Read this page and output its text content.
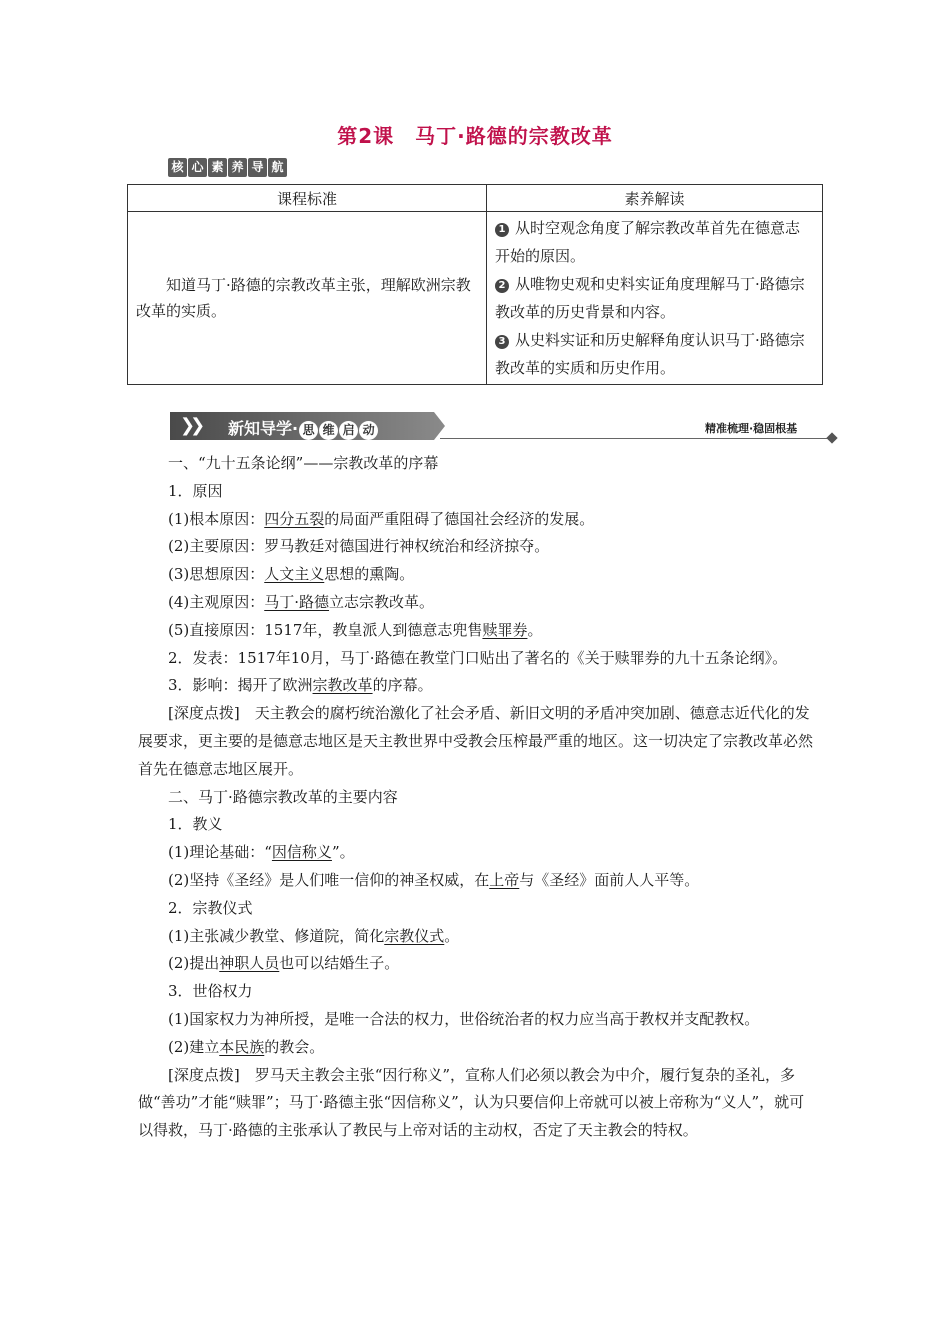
第2课　马丁·路德的宗教改革
核 心 素 养 导 航
课程标准	素养解读

知道马丁·路德的宗教改革主张，理解欧洲宗教改革的实质。	1 从时空观念角度了解宗教改革首先在德意志开始的原因。
2 从唯物史观和史料实证角度理解马丁·路德宗教改革的历史背景和内容。
3 从史料实证和历史解释角度认识马丁·路德宗教改革的实质和历史作用。
❯❯ 新知导学· 思 维 启 动	精准梳理·稳固根基

一、“九十五条论纲”——宗教改革的序幕

1．原因

(1)根本原因：四分五裂的局面严重阻碍了德国社会经济的发展。

(2)主要原因：罗马教廷对德国进行神权统治和经济掠夺。

(3)思想原因：人文主义思想的熏陶。

(4)主观原因：马丁·路德立志宗教改革。

(5)直接原因：1517年，教皇派人到德意志兜售赎罪券。

2．发表：1517年10月，马丁·路德在教堂门口贴出了著名的《关于赎罪券的九十五条论纲》。

3．影响：揭开了欧洲宗教改革的序幕。

[深度点拨]　天主教会的腐朽统治激化了社会矛盾、新旧文明的矛盾冲突加剧、德意志近代化的发展要求，更主要的是德意志地区是天主教世界中受教会压榨最严重的地区。这一切决定了宗教改革必然首先在德意志地区展开。

二、马丁·路德宗教改革的主要内容

1．教义

(1)理论基础：“因信称义”。

(2)坚持《圣经》是人们唯一信仰的神圣权威，在上帝与《圣经》面前人人平等。

2．宗教仪式

(1)主张减少教堂、修道院，简化宗教仪式。

(2)提出神职人员也可以结婚生子。

3．世俗权力

(1)国家权力为神所授，是唯一合法的权力，世俗统治者的权力应当高于教权并支配教权。

(2)建立本民族的教会。

[深度点拨]　罗马天主教会主张“因行称义”，宣称人们必须以教会为中介，履行复杂的圣礼，多做“善功”才能“赎罪”；马丁·路德主张“因信称义”，认为只要信仰上帝就可以被上帝称为“义人”，就可以得救，马丁·路德的主张承认了教民与上帝对话的主动权，否定了天主教会的特权。
